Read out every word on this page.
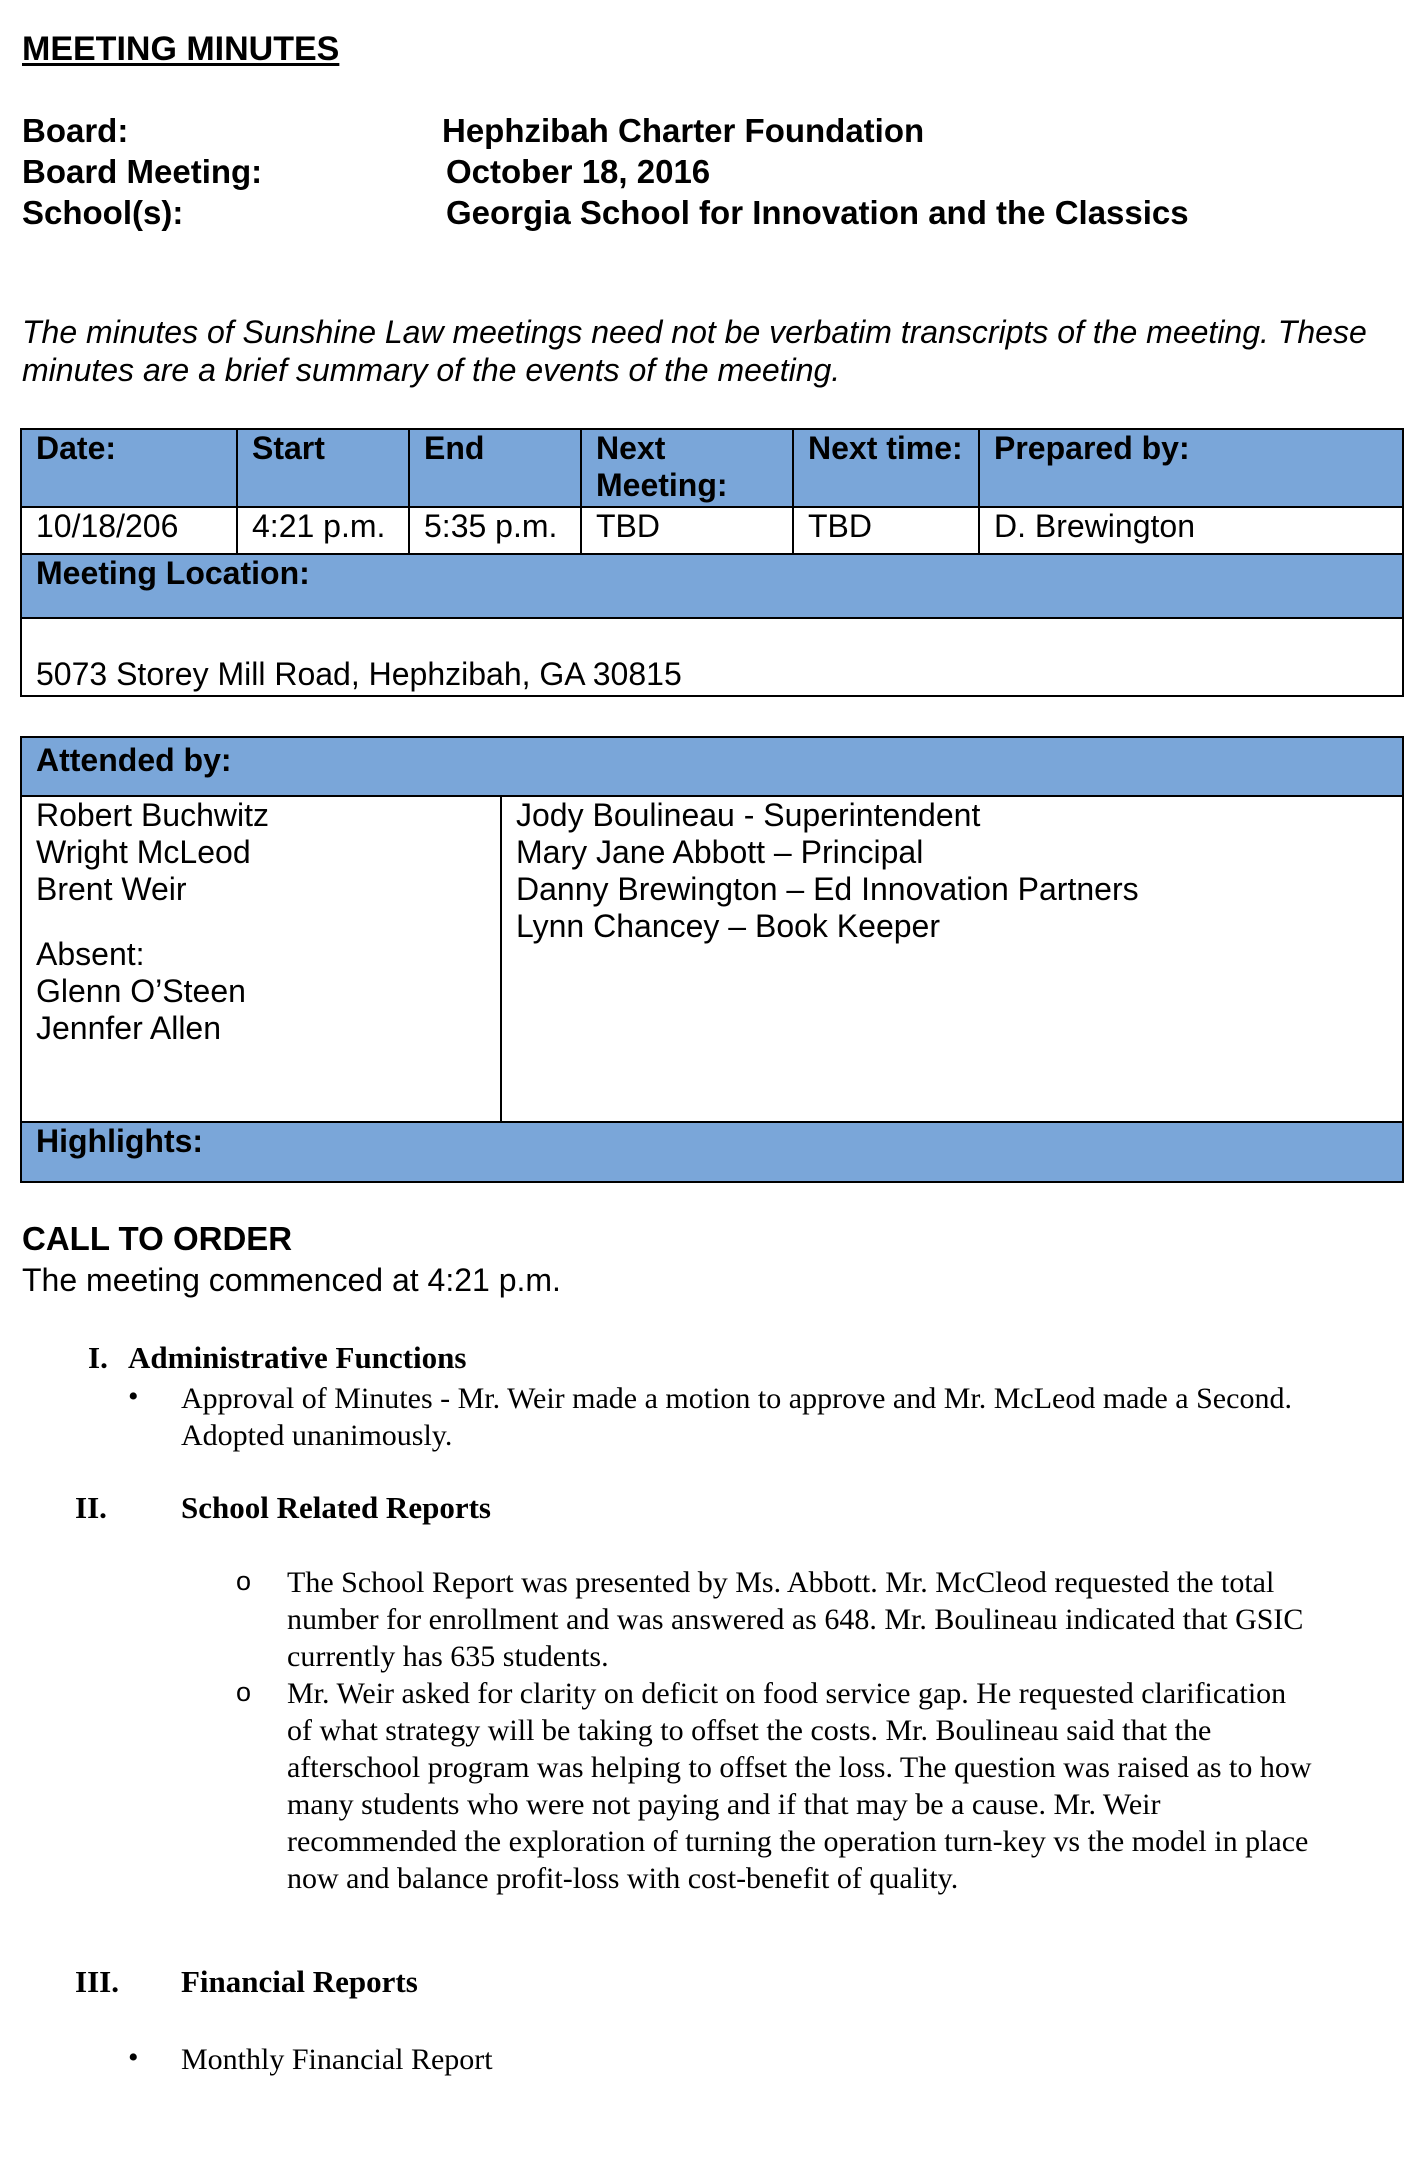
MEETING MINUTES
Board:	Hephzibah Charter Foundation
Board Meeting:	October 18, 2016
School(s):	Georgia School for Innovation and the Classics
The minutes of Sunshine Law meetings need not be verbatim transcripts of the meeting. These minutes are a brief summary of the events of the meeting.
Date:	Start	End	Next Meeting:	Next time:	Prepared by:
10/18/206	4:21 p.m.	5:35 p.m.	TBD	TBD	D. Brewington
Meeting Location:					
5073 Storey Mill Road, Hephzibah, GA 30815					
Attended by:

Robert Buchwitz
Wright McLeod
Brent Weir
Absent:
Glenn O’Steen
Jennfer Allen

Jody Boulineau - Superintendent
Mary Jane Abbott – Principal
Danny Brewington – Ed Innovation Partners
Lynn Chancey – Book Keeper

Highlights:
CALL TO ORDER
The meeting commenced at 4:21 p.m.
I. Administrative Functions
• Approval of Minutes - Mr. Weir made a motion to approve and Mr. McLeod made a Second.
Adopted unanimously.
II. School Related Reports
o The School Report was presented by Ms. Abbott. Mr. McCleod requested the total
number for enrollment and was answered as 648. Mr. Boulineau indicated that GSIC
currently has 635 students.
o Mr. Weir asked for clarity on deficit on food service gap. He requested clarification
of what strategy will be taking to offset the costs. Mr. Boulineau said that the
afterschool program was helping to offset the loss. The question was raised as to how
many students who were not paying and if that may be a cause. Mr. Weir
recommended the exploration of turning the operation turn-key vs the model in place
now and balance profit-loss with cost-benefit of quality.
III. Financial Reports
• Monthly Financial Report
